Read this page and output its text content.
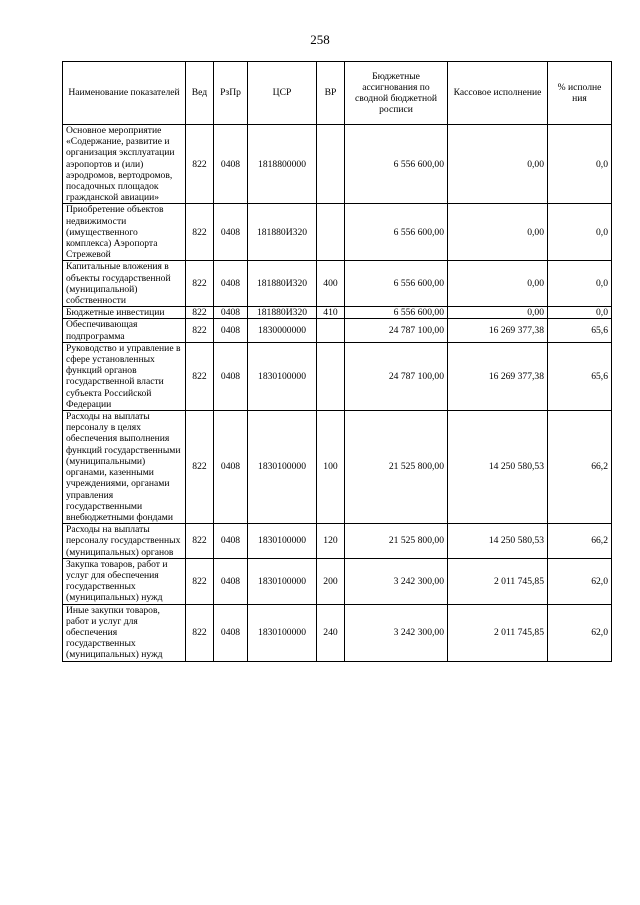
258
Наименование показателей	Вед	РзПр	ЦСР	ВР	Бюджетные ассигнования по сводной бюджетной росписи	Кассовое исполнение	% исполне ния
Основное мероприятие «Содержание, развитие и организация эксплуатации аэропортов и (или) аэродромов, вертодромов, посадочных площадок гражданской авиации»	822	0408	1818800000		6 556 600,00	0,00	0,0
Приобретение объектов недвижимости (имущественного комплекса) Аэропорта Стрежевой	822	0408	181880И320		6 556 600,00	0,00	0,0
Капитальные вложения в объекты государственной (муниципальной) собственности	822	0408	181880И320	400	6 556 600,00	0,00	0,0
Бюджетные инвестиции	822	0408	181880И320	410	6 556 600,00	0,00	0,0
Обеспечивающая подпрограмма	822	0408	1830000000		24 787 100,00	16 269 377,38	65,6
Руководство и управление в сфере установленных функций органов государственной власти субъекта Российской Федерации	822	0408	1830100000		24 787 100,00	16 269 377,38	65,6
Расходы на выплаты персоналу в целях обеспечения выполнения функций государственными (муниципальными) органами, казенными учреждениями, органами управления государственными внебюджетными фондами	822	0408	1830100000	100	21 525 800,00	14 250 580,53	66,2
Расходы на выплаты персоналу государственных (муниципальных) органов	822	0408	1830100000	120	21 525 800,00	14 250 580,53	66,2
Закупка товаров, работ и услуг для обеспечения государственных (муниципальных) нужд	822	0408	1830100000	200	3 242 300,00	2 011 745,85	62,0
Иные закупки товаров, работ и услуг для обеспечения государственных (муниципальных) нужд	822	0408	1830100000	240	3 242 300,00	2 011 745,85	62,0
